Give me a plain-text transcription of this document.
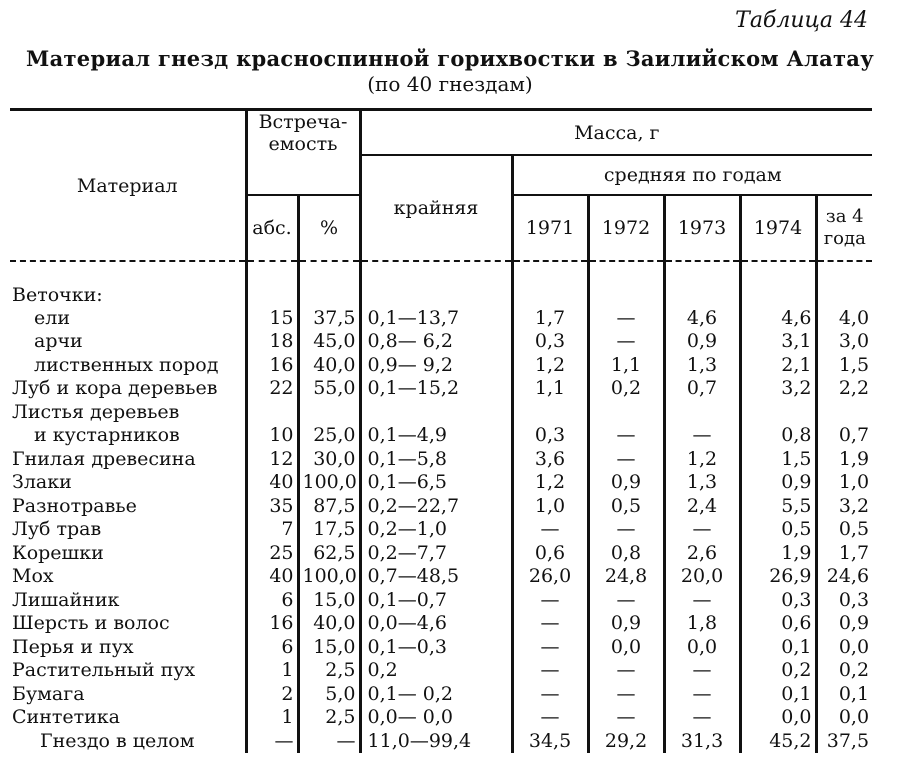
Таблица 44
Материал гнезд красноспинной горихвостки в Заилийском Алатау
(по 40 гнездам)
Материал	Встреча-емость		Масса, г					
			крайняя	средняя по годам				
	абс.	%		1971	1972	1973	1974	за 4 года
Веточки:								
ели	15	37,5	0,1—13,7	1,7	—	4,6	4,6	4,0
арчи	18	45,0	0,8— 6,2	0,3	—	0,9	3,1	3,0
лиственных пород	16	40,0	0,9— 9,2	1,2	1,1	1,3	2,1	1,5
Луб и кора деревьев	22	55,0	0,1—15,2	1,1	0,2	0,7	3,2	2,2
Листья деревьев								
и кустарников	10	25,0	0,1—4,9	0,3	—	—	0,8	0,7
Гнилая древесина	12	30,0	0,1—5,8	3,6	—	1,2	1,5	1,9
Злаки	40	100,0	0,1—6,5	1,2	0,9	1,3	0,9	1,0
Разнотравье	35	87,5	0,2—22,7	1,0	0,5	2,4	5,5	3,2
Луб трав	7	17,5	0,2—1,0	—	—	—	0,5	0,5
Корешки	25	62,5	0,2—7,7	0,6	0,8	2,6	1,9	1,7
Мох	40	100,0	0,7—48,5	26,0	24,8	20,0	26,9	24,6
Лишайник	6	15,0	0,1—0,7	—	—	—	0,3	0,3
Шерсть и волос	16	40,0	0,0—4,6	—	0,9	1,8	0,6	0,9
Перья и пух	6	15,0	0,1—0,3	—	0,0	0,0	0,1	0,0
Растительный пух	1	2,5	0,2	—	—	—	0,2	0,2
Бумага	2	5,0	0,1— 0,2	—	—	—	0,1	0,1
Синтетика	1	2,5	0,0— 0,0	—	—	—	0,0	0,0
Гнездо в целом	—	—	11,0—99,4	34,5	29,2	31,3	45,2	37,5
